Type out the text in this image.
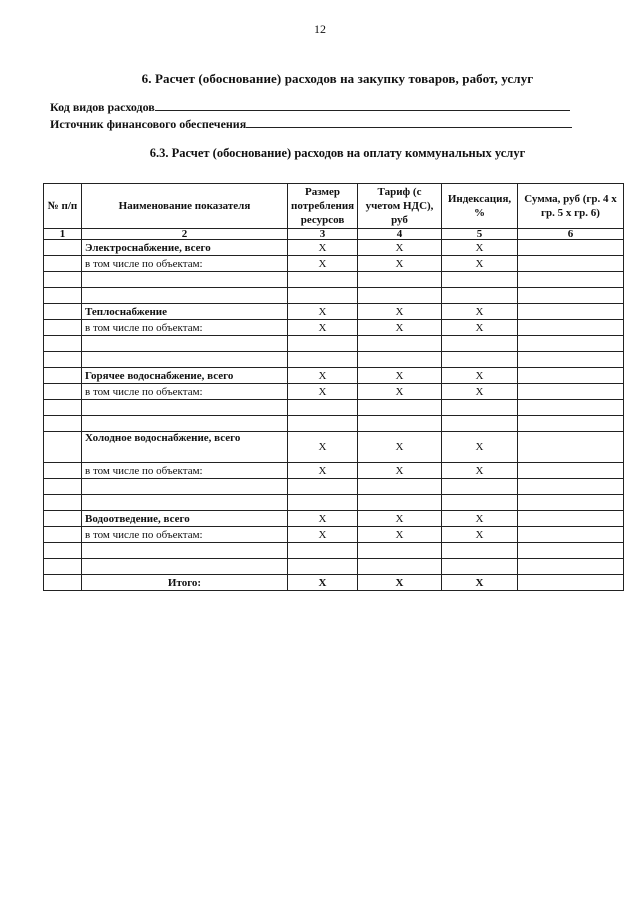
12
6. Расчет (обоснование) расходов на закупку товаров, работ, услуг
Код видов расходов
Источник финансового обеспечения
6.3. Расчет (обоснование) расходов на оплату коммунальных услуг
№ п/п	Наименование показателя	Размер потребления ресурсов	Тариф (с учетом НДС), руб	Индексация, %	Сумма, руб (гр. 4 х гр. 5 х гр. 6)
1	2	3	4	5	6
	Электроснабжение, всего	Х	Х	Х	
	в том числе по объектам:	Х	Х	Х	

	Теплоснабжение	Х	Х	Х	
	в том числе по объектам:	Х	Х	Х	

	Горячее водоснабжение, всего	Х	Х	Х	
	в том числе по объектам:	Х	Х	Х	

	Холодное водоснабжение, всего	Х	Х	Х	
	в том числе по объектам:	Х	Х	Х	

	Водоотведение, всего	Х	Х	Х	
	в том числе по объектам:	Х	Х	Х	

	Итого:	Х	Х	Х	
